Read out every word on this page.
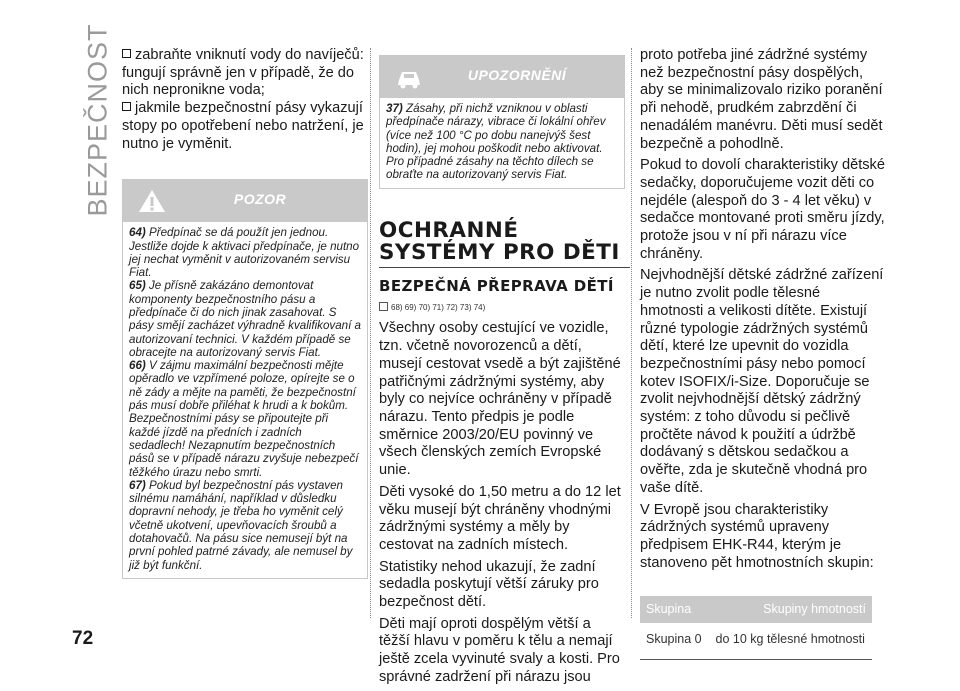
BEZPEČNOST
72
zabraňte vniknutí vody do navíječů: fungují správně jen v případě, že do nich nepronikne voda;
jakmile bezpečnostní pásy vykazují stopy po opotřebení nebo natržení, je nutno je vyměnit.
POZOR

64) Předpínač se dá použít jen jednou. Jestliže dojde k aktivaci předpínače, je nutno jej nechat vyměnit v autorizovaném servisu Fiat.

65) Je přísně zakázáno demontovat komponenty bezpečnostního pásu a předpínače či do nich jinak zasahovat. S pásy smějí zacházet výhradně kvalifikovaní a autorizovaní technici. V každém případě se obracejte na autorizovaný servis Fiat.

66) V zájmu maximální bezpečnosti mějte opěradlo ve vzpřímené poloze, opírejte se o ně zády a mějte na paměti, že bezpečnostní pás musí dobře přiléhat k hrudi a k bokům. Bezpečnostními pásy se připoutejte při každé jízdě na předních i zadních sedadlech! Nezapnutím bezpečnostních pásů se v případě nárazu zvyšuje nebezpečí těžkého úrazu nebo smrti.

67) Pokud byl bezpečnostní pás vystaven silnému namáhání, například v důsledku dopravní nehody, je třeba ho vyměnit celý včetně ukotvení, upevňovacích šroubů a dotahovačů. Na pásu sice nemusejí být na první pohled patrné závady, ale nemusel by již být funkční.

UPOZORNĚNÍ

37) Zásahy, při nichž vzniknou v oblasti předpínače nárazy, vibrace či lokální ohřev (více než 100 °C po dobu nanejvýš šest hodin), jej mohou poškodit nebo aktivovat. Pro případné zásahy na těchto dílech se obraťte na autorizovaný servis Fiat.

OCHRANNÉ SYSTÉMY PRO DĚTI
BEZPEČNÁ PŘEPRAVA DĚTÍ
68) 69) 70) 71) 72) 73) 74)

Všechny osoby cestující ve vozidle, tzn. včetně novorozenců a dětí, musejí cestovat vsedě a být zajištěné patřičnými zádržnými systémy, aby byly co nejvíce ochráněny v případě nárazu. Tento předpis je podle směrnice 2003/20/EU povinný ve všech členských zemích Evropské unie.

Děti vysoké do 1,50 metru a do 12 let věku musejí být chráněny vhodnými zádržnými systémy a měly by cestovat na zadních místech.

Statistiky nehod ukazují, že zadní sedadla poskytují větší záruky pro bezpečnost dětí.

Děti mají oproti dospělým větší a těžší hlavu v poměru k tělu a nemají ještě zcela vyvinuté svaly a kosti. Pro správné zadržení při nárazu jsou

proto potřeba jiné zádržné systémy než bezpečnostní pásy dospělých, aby se minimalizovalo riziko poranění při nehodě, prudkém zabrzdění či nenadálém manévru. Děti musí sedět bezpečně a pohodlně.

Pokud to dovolí charakteristiky dětské sedačky, doporučujeme vozit děti co nejdéle (alespoň do 3 - 4 let věku) v sedačce montované proti směru jízdy, protože jsou v ní při nárazu více chráněny.

Nejvhodnější dětské zádržné zařízení je nutno zvolit podle tělesné hmotnosti a velikosti dítěte. Existují různé typologie zádržných systémů dětí, které lze upevnit do vozidla bezpečnostními pásy nebo pomocí kotev ISOFIX/i-Size. Doporučuje se zvolit nejvhodnější dětský zádržný systém: z toho důvodu si pečlivě pročtěte návod k použití a údržbě dodávaný s dětskou sedačkou a ověřte, zda je skutečně vhodná pro vaše dítě.

V Evropě jsou charakteristiky zádržných systémů upraveny předpisem EHK-R44, kterým je stanoveno pět hmotnostních skupin:

Skupina	Skupiny hmotností
Skupina 0	do 10 kg tělesné hmotnosti
